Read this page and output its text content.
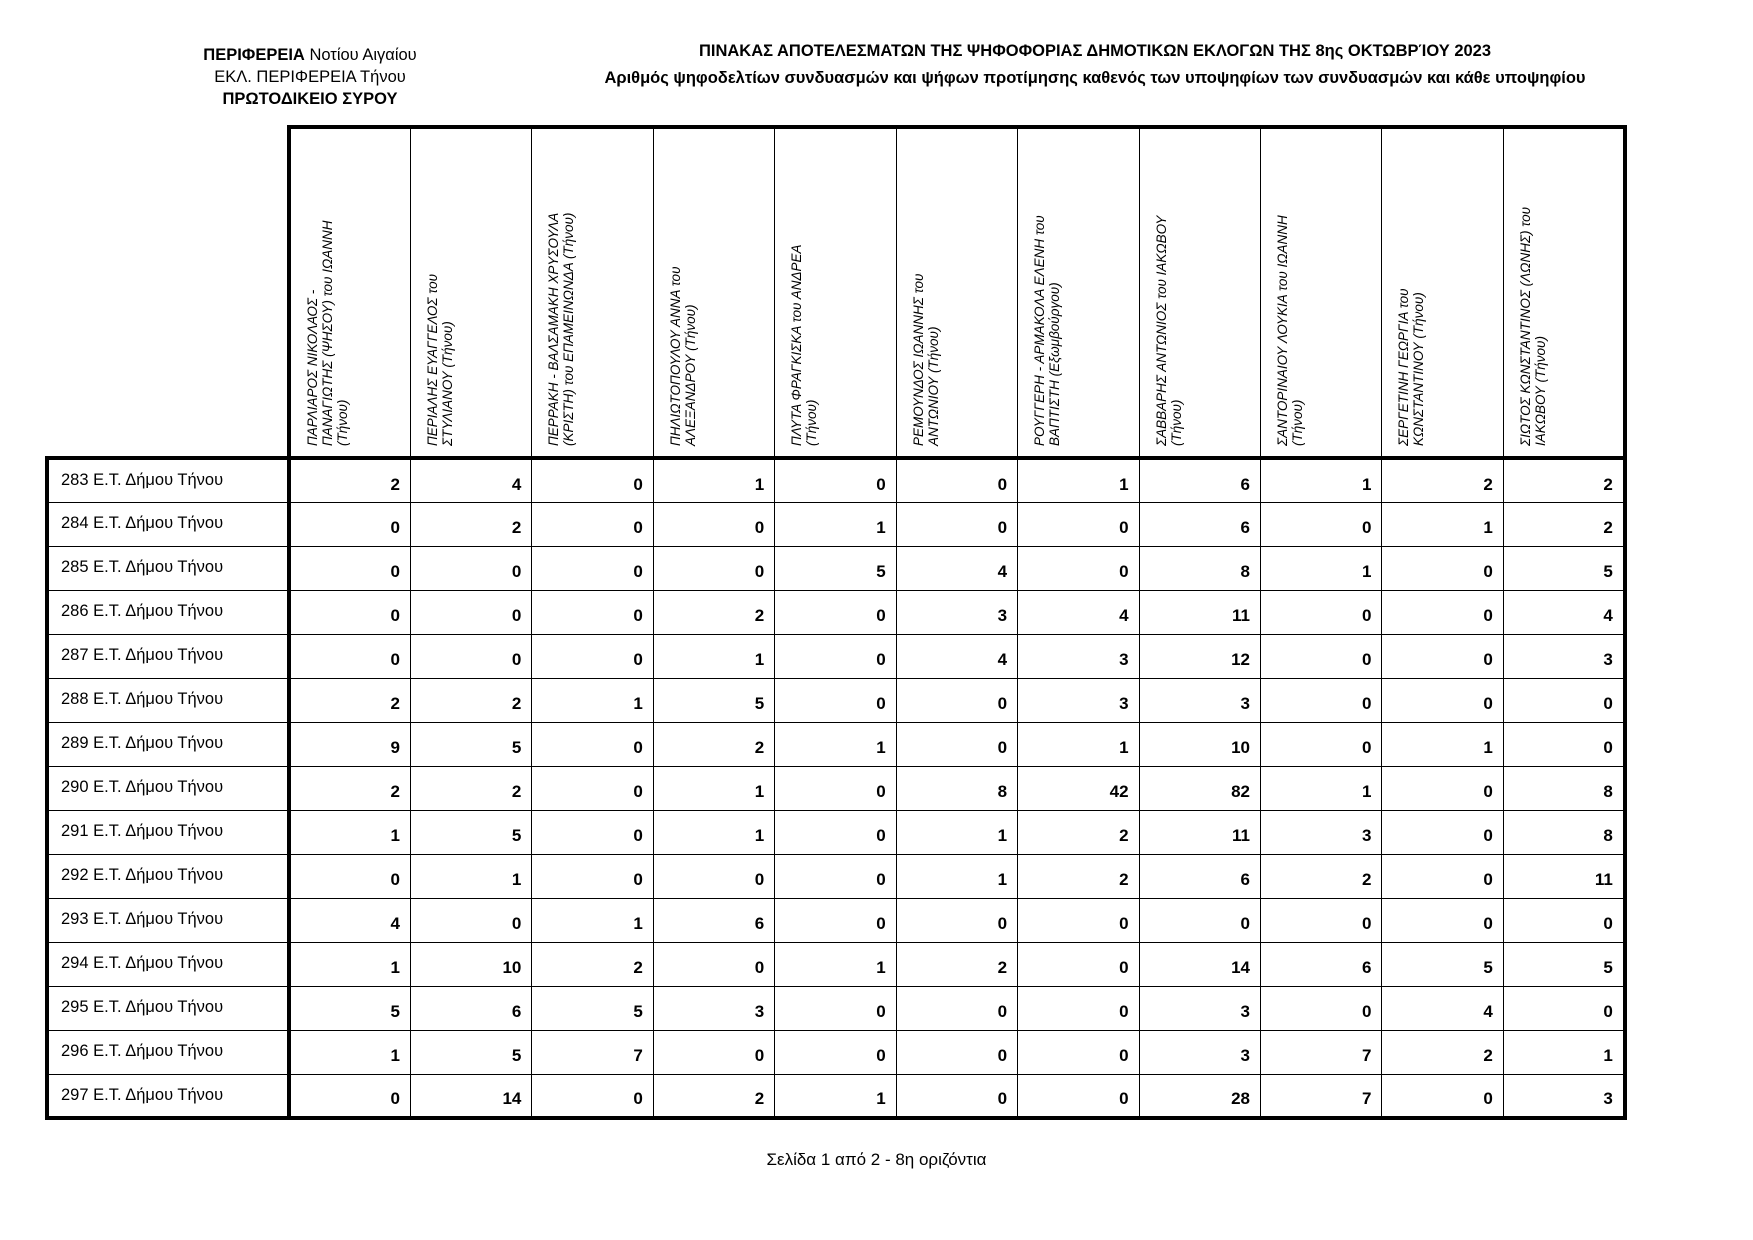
ΠΕΡΙΦΕΡΕΙΑ Νοτίου Αιγαίου
ΕΚΛ. ΠΕΡΙΦΕΡΕΙΑ Τήνου
ΠΡΩΤΟΔΙΚΕΙΟ ΣΥΡΟΥ
ΠΙΝΑΚΑΣ ΑΠΟΤΕΛΕΣΜΑΤΩΝ ΤΗΣ ΨΗΦΟΦΟΡΙΑΣ ΔΗΜΟΤΙΚΩΝ ΕΚΛΟΓΩΝ ΤΗΣ 8ης ΟΚΤΩΒΡΊΟΥ 2023
Αριθμός ψηφοδελτίων συνδυασμών και ψήφων προτίμησης καθενός των υποψηφίων των συνδυασμών και κάθε υποψηφίου

	ΠΑΡΛΙΑΡΟΣ ΝΙΚΟΛΑΟΣ - ΠΑΝΑΓΙΩΤΗΣ (ΨΗΣΟΥ) του ΙΩΑΝΝΗ (Τήνου)	ΠΕΡΙΑΛΗΣ ΕΥΑΓΓΕΛΟΣ του ΣΤΥΛΙΑΝΟΥ (Τήνου)	ΠΕΡΡΑΚΗ - ΒΑΛΣΑΜΑΚΗ ΧΡΥΣΟΥΛΑ (ΚΡΙΣΤΗ) του ΕΠΑΜΕΙΝΩΝΔΑ (Τήνου)	ΠΗΛΙΩΤΟΠΟΥΛΟΥ ΑΝΝΑ του ΑΛΕΞΑΝΔΡΟΥ (Τήνου)	ΠΛΥΤΑ ΦΡΑΓΚΙΣΚΑ του ΑΝΔΡΕΑ (Τήνου)	ΡΕΜΟΥΝΔΟΣ ΙΩΑΝΝΗΣ του ΑΝΤΩΝΙΟΥ (Τήνου)	ΡΟΥΓΓΕΡΗ - ΑΡΜΑΚΟΛΑ ΕΛΕΝΗ του ΒΑΠΤΙΣΤΗ (Εξωμβούργου)	ΣΑΒΒΑΡΗΣ ΑΝΤΩΝΙΟΣ του ΙΑΚΩΒΟΥ (Τήνου)	ΣΑΝΤΟΡΙΝΑΙΟΥ ΛΟΥΚΙΑ του ΙΩΑΝΝΗ (Τήνου)	ΣΕΡΓΕΤΙΝΗ ΓΕΩΡΓΙΑ του ΚΩΝΣΤΑΝΤΙΝΟΥ (Τήνου)	ΣΙΩΤΟΣ ΚΩΝΣΤΑΝΤΙΝΟΣ (ΛΩΝΗΣ) του ΙΑΚΩΒΟΥ (Τήνου)

283 Ε.Τ. Δήμου Τήνου	2	4	0	1	0	0	1	6	1	2	2
284 Ε.Τ. Δήμου Τήνου	0	2	0	0	1	0	0	6	0	1	2
285 Ε.Τ. Δήμου Τήνου	0	0	0	0	5	4	0	8	1	0	5
286 Ε.Τ. Δήμου Τήνου	0	0	0	2	0	3	4	11	0	0	4
287 Ε.Τ. Δήμου Τήνου	0	0	0	1	0	4	3	12	0	0	3
288 Ε.Τ. Δήμου Τήνου	2	2	1	5	0	0	3	3	0	0	0
289 Ε.Τ. Δήμου Τήνου	9	5	0	2	1	0	1	10	0	1	0
290 Ε.Τ. Δήμου Τήνου	2	2	0	1	0	8	42	82	1	0	8
291 Ε.Τ. Δήμου Τήνου	1	5	0	1	0	1	2	11	3	0	8
292 Ε.Τ. Δήμου Τήνου	0	1	0	0	0	1	2	6	2	0	11
293 Ε.Τ. Δήμου Τήνου	4	0	1	6	0	0	0	0	0	0	0
294 Ε.Τ. Δήμου Τήνου	1	10	2	0	1	2	0	14	6	5	5
295 Ε.Τ. Δήμου Τήνου	5	6	5	3	0	0	0	3	0	4	0
296 Ε.Τ. Δήμου Τήνου	1	5	7	0	0	0	0	3	7	2	1
297 Ε.Τ. Δήμου Τήνου	0	14	0	2	1	0	0	28	7	0	3
Σελίδα 1 από 2 - 8η οριζόντια
